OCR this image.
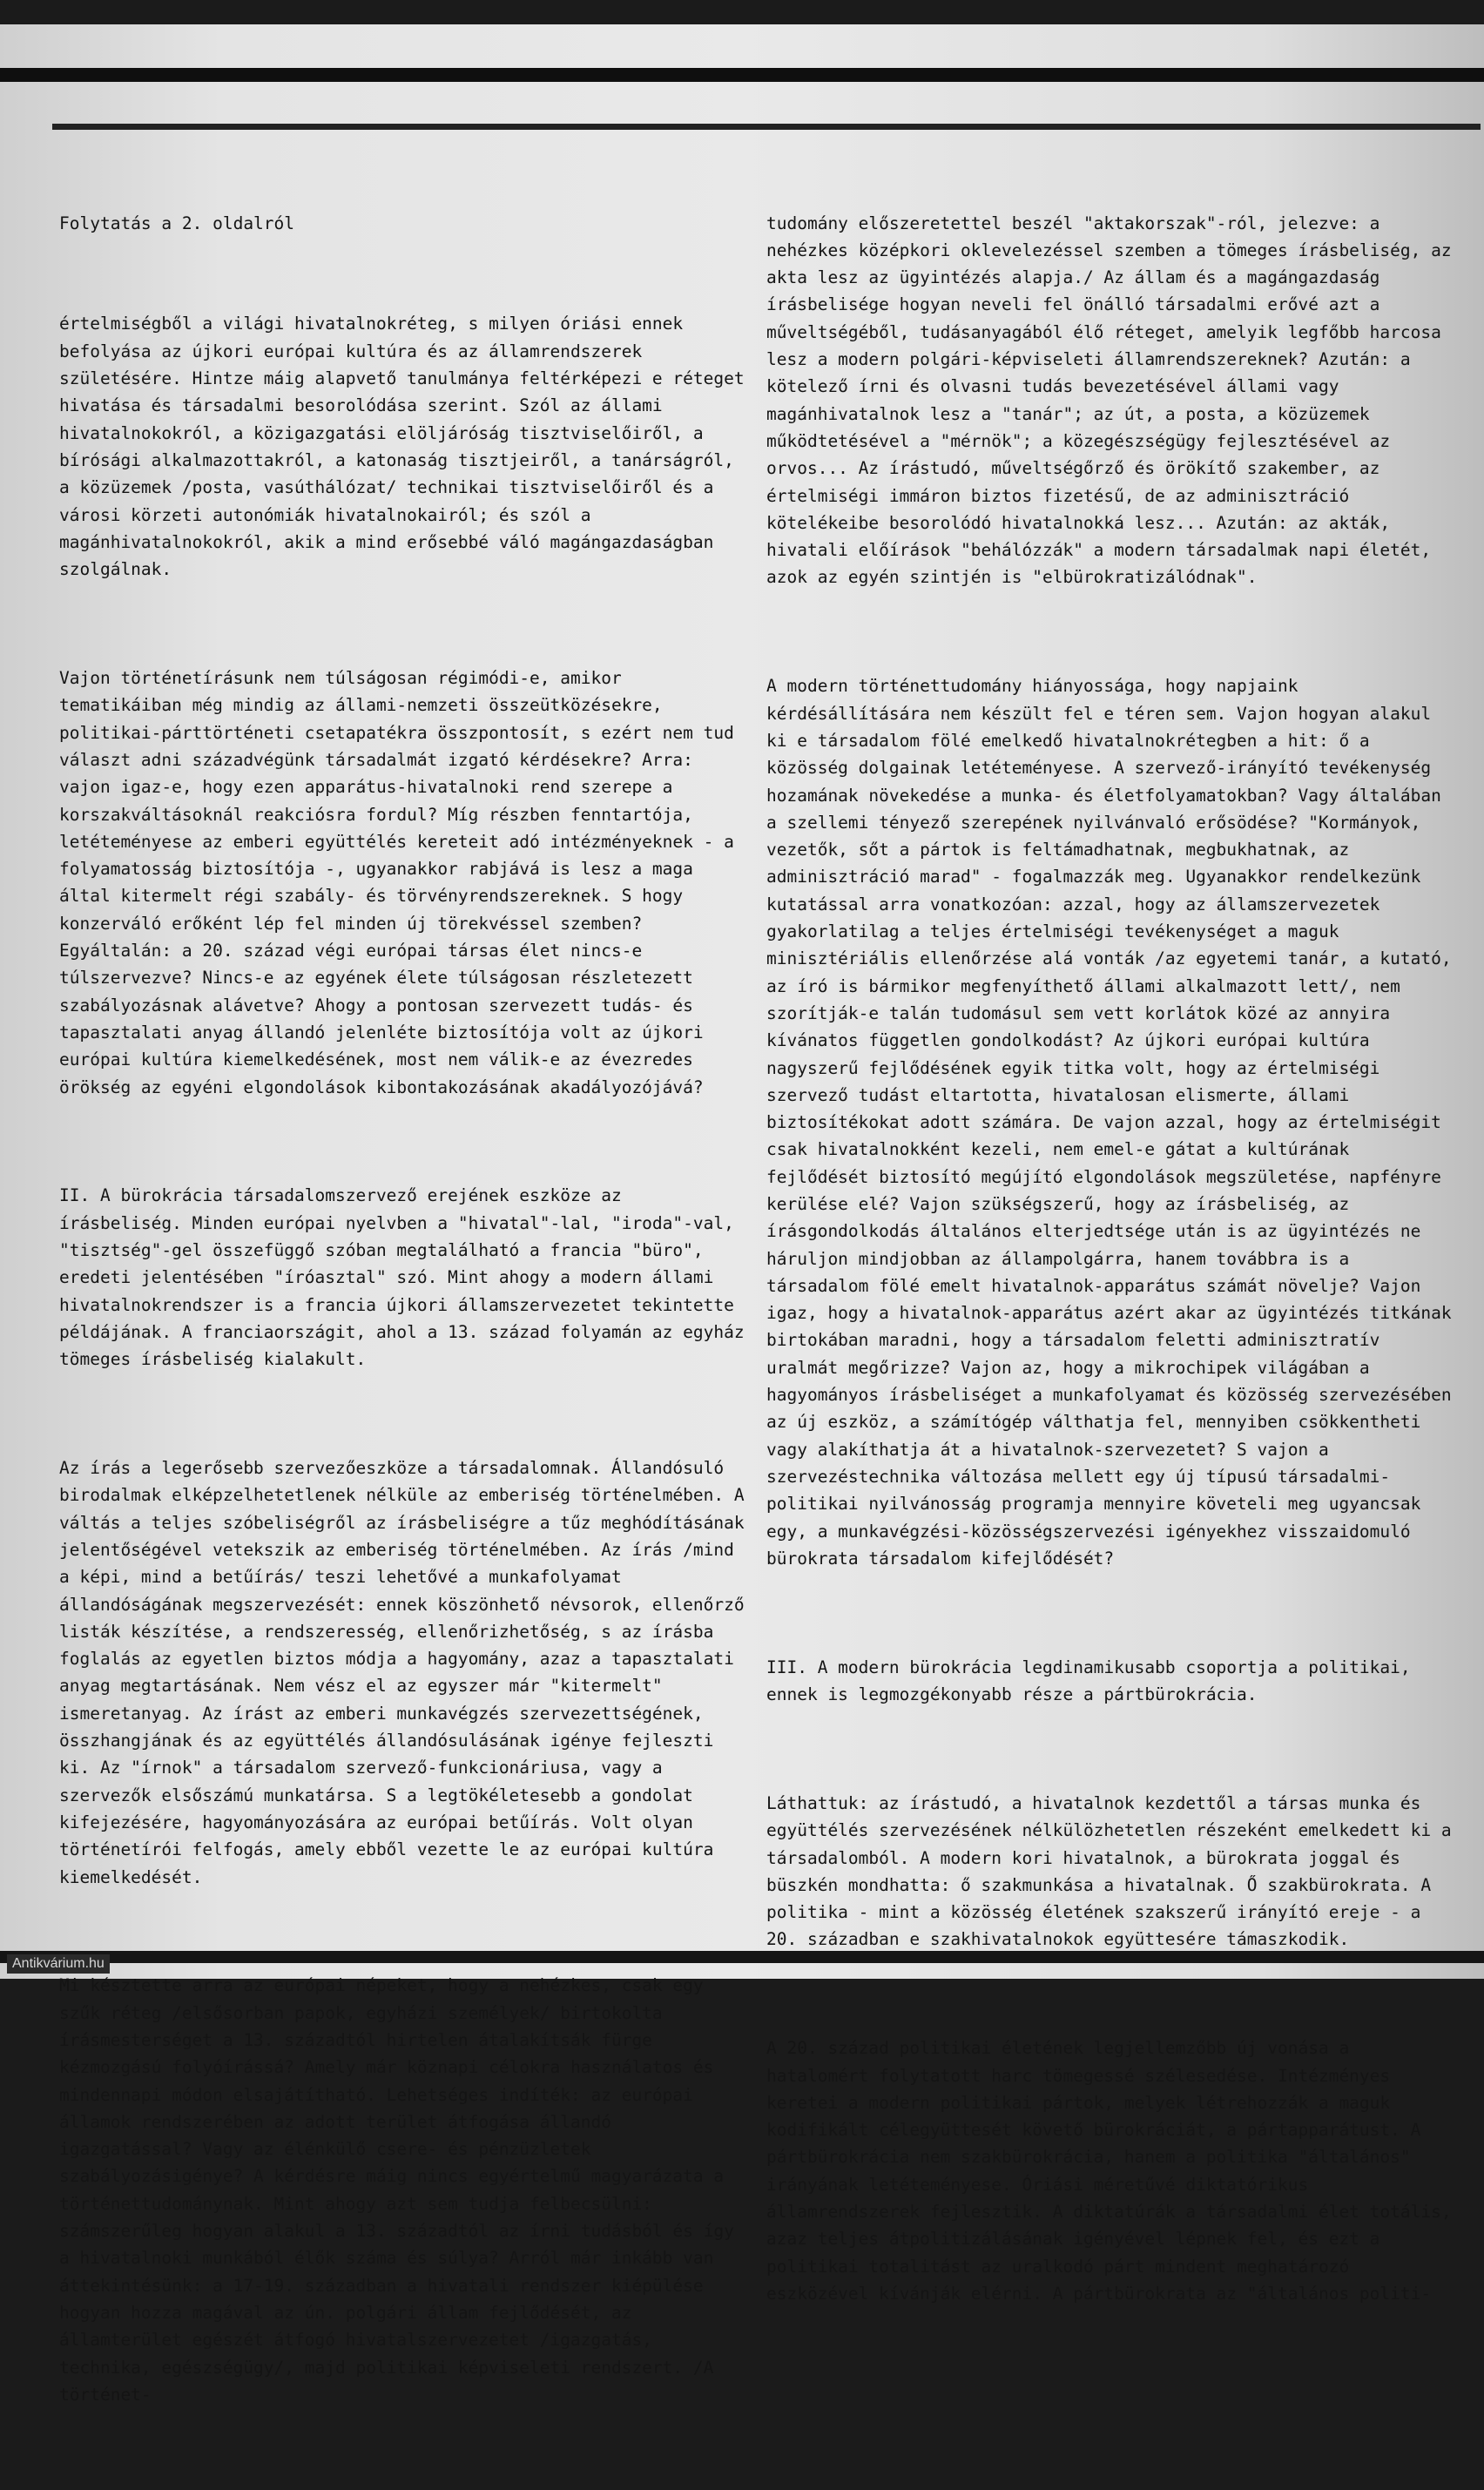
Folytatás a 2. oldalról

értelmiségből a világi hivatalnokréteg, s milyen óriási ennek befolyása az újkori európai kultúra és az államrendszerek születésére. Hintze máig alapvető tanulmánya feltérképezi e réteget hivatása és társadalmi besorolódása szerint. Szól az állami hivatalnokokról, a közigazgatási elöljáróság tisztviselőiről, a bírósági alkalmazottakról, a katonaság tisztjeiről, a tanárságról, a közüzemek /posta, vasúthálózat/ technikai tisztviselőiről és a városi körzeti autonómiák hivatalnokairól; és szól a magánhivatalnokokról, akik a mind erősebbé váló magángazdaságban szolgálnak.

Vajon történetírásunk nem túlságosan régimódi-e, amikor tematikáiban még mindig az állami-nemzeti összeütközésekre, politikai-párttörténeti csetapatékra összpontosít, s ezért nem tud választ adni századvégünk társadalmát izgató kérdésekre? Arra: vajon igaz-e, hogy ezen apparátus-hivatalnoki rend szerepe a korszakváltásoknál reakciósra fordul? Míg részben fenntartója, letéteményese az emberi együttélés kereteit adó intézményeknek - a folyamatosság biztosítója -, ugyanakkor rabjává is lesz a maga által kitermelt régi szabály- és törvényrendszereknek. S hogy konzerváló erőként lép fel minden új törekvéssel szemben? Egyáltalán: a 20. század végi európai társas élet nincs-e túlszervezve? Nincs-e az egyének élete túlságosan részletezett szabályozásnak alávetve? Ahogy a pontosan szervezett tudás- és tapasztalati anyag állandó jelenléte biztosítója volt az újkori európai kultúra kiemelkedésének, most nem válik-e az évezredes örökség az egyéni elgondolások kibontakozásának akadályozójává?

II. A bürokrácia társadalomszervező erejének eszköze az írásbeliség. Minden európai nyelvben a "hivatal"-lal, "iroda"-val, "tisztség"-gel összefüggő szóban megtalálható a francia "büro", eredeti jelentésében "íróasztal" szó. Mint ahogy a modern állami hivatalnokrendszer is a francia újkori államszervezetet tekintette példájának. A franciaországit, ahol a 13. század folyamán az egyház tömeges írásbeliség kialakult.

Az írás a legerősebb szervezőeszköze a társadalomnak. Állandósuló birodalmak elképzelhetetlenek nélküle az emberiség történelmében. A váltás a teljes szóbeliségről az írásbeliségre a tűz meghódításának jelentőségével vetekszik az emberiség történelmében. Az írás /mind a képi, mind a betűírás/ teszi lehetővé a munkafolyamat állandóságának megszervezését: ennek köszönhető névsorok, ellenőrző listák készítése, a rendszeresség, ellenőrizhetőség, s az írásba foglalás az egyetlen biztos módja a hagyomány, azaz a tapasztalati anyag megtartásának. Nem vész el az egyszer már "kitermelt" ismeretanyag. Az írást az emberi munkavégzés szervezettségének, összhangjának és az együttélés állandósulásának igénye fejleszti ki. Az "írnok" a társadalom szervező-funkcionáriusa, vagy a szervezők elsőszámú munkatársa. S a legtökéletesebb a gondolat kifejezésére, hagyományozására az európai betűírás. Volt olyan történetírói felfogás, amely ebből vezette le az európai kultúra kiemelkedését.

Mi késztette arra az európai népeket, hogy a nehézkes, csak egy szűk réteg /elsősorban papok, egyházi személyek/ birtokolta írásmesterséget a 13. századtól hirtelen átalakítsák fürge kézmozgású folyóírássá? Amely már köznapi célokra használatos és mindennapi módon elsajátítható. Lehetséges indíték: az európai államok rendszerében az adott terület átfogása állandó igazgatással? Vagy az élénkülő csere- és pénzüzletek szabályozásigénye? A kérdésre máig nincs egyértelmű magyarázata a történettudománynak. Mint ahogy azt sem tudja felbecsülni: számszerűleg hogyan alakul a 13. századtól az írni tudásból és így a hivatalnoki munkából élők száma és súlya? Arról már inkább van áttekintésünk: a 17-19. században a hivatali rendszer kiépülése hogyan hozza magával az ún. polgári állam fejlődését, az államterület egészét átfogó hivatalszervezetet /igazgatás, technika, egészségügy/, majd politikai képviseleti rendszert. /A történet-

tudomány előszeretettel beszél "aktakorszak"-ról, jelezve: a nehézkes középkori oklevelezéssel szemben a tömeges írásbeliség, az akta lesz az ügyintézés alapja./ Az állam és a magángazdaság írásbelisége hogyan neveli fel önálló társadalmi erővé azt a műveltségéből, tudásanyagából élő réteget, amelyik legfőbb harcosa lesz a modern polgári-képviseleti államrendszereknek? Azután: a kötelező írni és olvasni tudás bevezetésével állami vagy magánhivatalnok lesz a "tanár"; az út, a posta, a közüzemek működtetésével a "mérnök"; a közegészségügy fejlesztésével az orvos... Az írástudó, műveltségőrző és örökítő szakember, az értelmiségi immáron biztos fizetésű, de az adminisztráció kötelékeibe besorolódó hivatalnokká lesz... Azután: az akták, hivatali előírások "behálózzák" a modern társadalmak napi életét, azok az egyén szintjén is "elbürokratizálódnak".

A modern történettudomány hiányossága, hogy napjaink kérdésállítására nem készült fel e téren sem. Vajon hogyan alakul ki e társadalom fölé emelkedő hivatalnokrétegben a hit: ő a közösség dolgainak letéteményese. A szervező-irányító tevékenység hozamának növekedése a munka- és életfolyamatokban? Vagy általában a szellemi tényező szerepének nyilvánvaló erősödése? "Kormányok, vezetők, sőt a pártok is feltámadhatnak, megbukhatnak, az adminisztráció marad" - fogalmazzák meg. Ugyanakkor rendelkezünk kutatással arra vonatkozóan: azzal, hogy az államszervezetek gyakorlatilag a teljes értelmiségi tevékenységet a maguk minisztériális ellenőrzése alá vonták /az egyetemi tanár, a kutató, az író is bármikor megfenyíthető állami alkalmazott lett/, nem szorítják-e talán tudomásul sem vett korlátok közé az annyira kívánatos független gondolkodást? Az újkori európai kultúra nagyszerű fejlődésének egyik titka volt, hogy az értelmiségi szervező tudást eltartotta, hivatalosan elismerte, állami biztosítékokat adott számára. De vajon azzal, hogy az értelmiségit csak hivatalnokként kezeli, nem emel-e gátat a kultúrának fejlődését biztosító megújító elgondolások megszületése, napfényre kerülése elé? Vajon szükségszerű, hogy az írásbeliség, az írásgondolkodás általános elterjedtsége után is az ügyintézés ne háruljon mindjobban az állampolgárra, hanem továbbra is a társadalom fölé emelt hivatalnok-apparátus számát növelje? Vajon igaz, hogy a hivatalnok-apparátus azért akar az ügyintézés titkának birtokában maradni, hogy a társadalom feletti adminisztratív uralmát megőrizze? Vajon az, hogy a mikrochipek világában a hagyományos írásbeliséget a munkafolyamat és közösség szervezésében az új eszköz, a számítógép válthatja fel, mennyiben csökkentheti vagy alakíthatja át a hivatalnok-szervezetet? S vajon a szervezéstechnika változása mellett egy új típusú társadalmi-politikai nyilvánosság programja mennyire követeli meg ugyancsak egy, a munkavégzési-közösségszervezési igényekhez visszaidomuló bürokrata társadalom kifejlődését?

III. A modern bürokrácia legdinamikusabb csoportja a politikai, ennek is legmozgékonyabb része a pártbürokrácia.

Láthattuk: az írástudó, a hivatalnok kezdettől a társas munka és együttélés szervezésének nélkülözhetetlen részeként emelkedett ki a társadalomból. A modern kori hivatalnok, a bürokrata joggal és büszkén mondhatta: ő szakmunkása a hivatalnak. Ő szakbürokrata. A politika - mint a közösség életének szakszerű irányító ereje - a 20. században e szakhivatalnokok együttesére támaszkodik.

A 20. század politikai életének legjellemzőbb új vonása a hatalomért folytatott harc tömegessé szélesedése. Intézményes keretei a modern politikai pártok, melyek létrehozzák a maguk kodifikált célegyüttesét követő bürokráciát, a pártapparátust. A pártbürokrácia nem szakbürokrácia, hanem a politika "általános" irányának letéteményese. Óriási méretűvé diktatórikus államrendszerek fejlesztik. A diktatúrák a társadalmi élet totális, azaz teljes átpolitizálásának igényével lépnek fel, és ezt a politikai totalitást az uralkodó párt mindent meghatározó eszközével kívánják elérni. A pártbürokrata az "általános politi-

Antikvárium.hu
